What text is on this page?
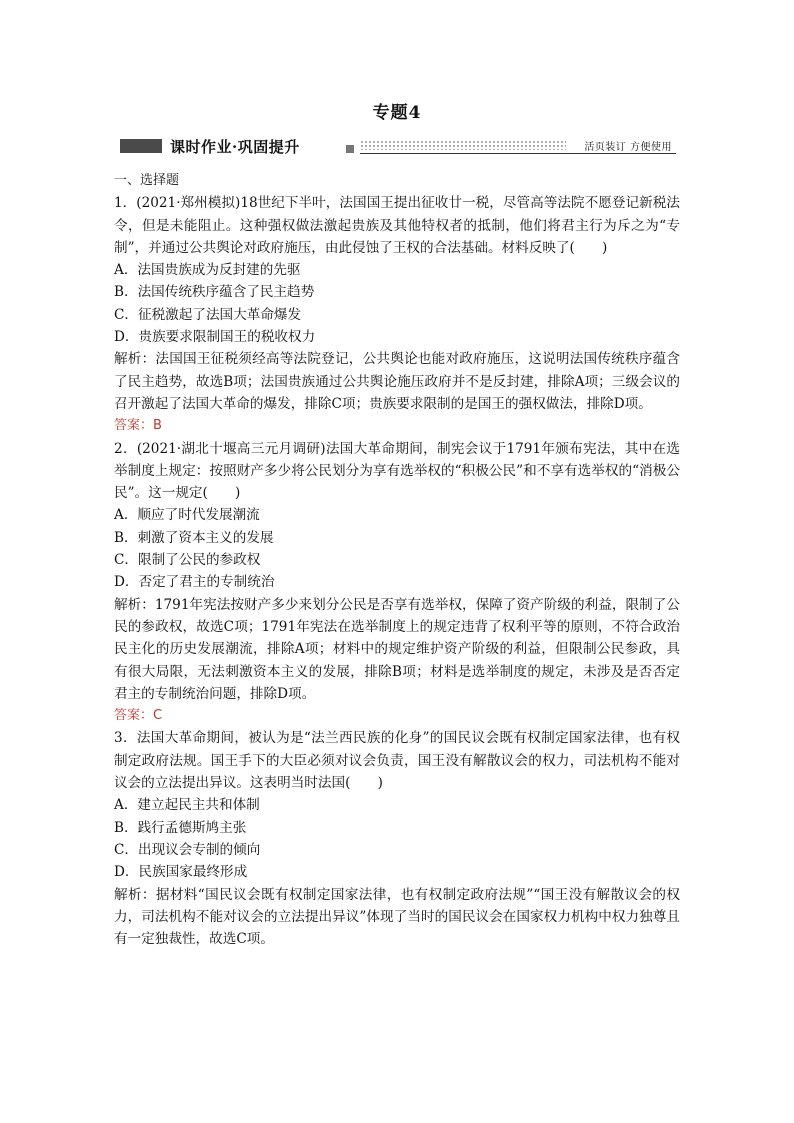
专题4
课时作业·巩固提升	活页装订 方便使用

一、选择题

1．(2021·郑州模拟)18世纪下半叶，法国国王提出征收廿一税，尽管高等法院不愿登记新税法令，但是未能阻止。这种强权做法激起贵族及其他特权者的抵制，他们将君主行为斥之为“专制”，并通过公共舆论对政府施压，由此侵蚀了王权的合法基础。材料反映了(　　)

A．法国贵族成为反封建的先驱

B．法国传统秩序蕴含了民主趋势

C．征税激起了法国大革命爆发

D．贵族要求限制国王的税收权力

解析：法国国王征税须经高等法院登记，公共舆论也能对政府施压，这说明法国传统秩序蕴含了民主趋势，故选B项；法国贵族通过公共舆论施压政府并不是反封建，排除A项；三级会议的召开激起了法国大革命的爆发，排除C项；贵族要求限制的是国王的强权做法，排除D项。

答案：B

2．(2021·湖北十堰高三元月调研)法国大革命期间，制宪会议于1791年颁布宪法，其中在选举制度上规定：按照财产多少将公民划分为享有选举权的“积极公民”和不享有选举权的“消极公民”。这一规定(　　)

A．顺应了时代发展潮流

B．刺激了资本主义的发展

C．限制了公民的参政权

D．否定了君主的专制统治

解析：1791年宪法按财产多少来划分公民是否享有选举权，保障了资产阶级的利益，限制了公民的参政权，故选C项；1791年宪法在选举制度上的规定违背了权利平等的原则，不符合政治民主化的历史发展潮流，排除A项；材料中的规定维护资产阶级的利益，但限制公民参政，具有很大局限，无法刺激资本主义的发展，排除B项；材料是选举制度的规定，未涉及是否否定君主的专制统治问题，排除D项。

答案：C

3．法国大革命期间，被认为是“法兰西民族的化身”的国民议会既有权制定国家法律，也有权制定政府法规。国王手下的大臣必须对议会负责，国王没有解散议会的权力，司法机构不能对议会的立法提出异议。这表明当时法国(　　)

A．建立起民主共和体制

B．践行孟德斯鸠主张

C．出现议会专制的倾向

D．民族国家最终形成

解析：据材料“国民议会既有权制定国家法律，也有权制定政府法规”“国王没有解散议会的权力，司法机构不能对议会的立法提出异议”体现了当时的国民议会在国家权力机构中权力独尊且有一定独裁性，故选C项。
